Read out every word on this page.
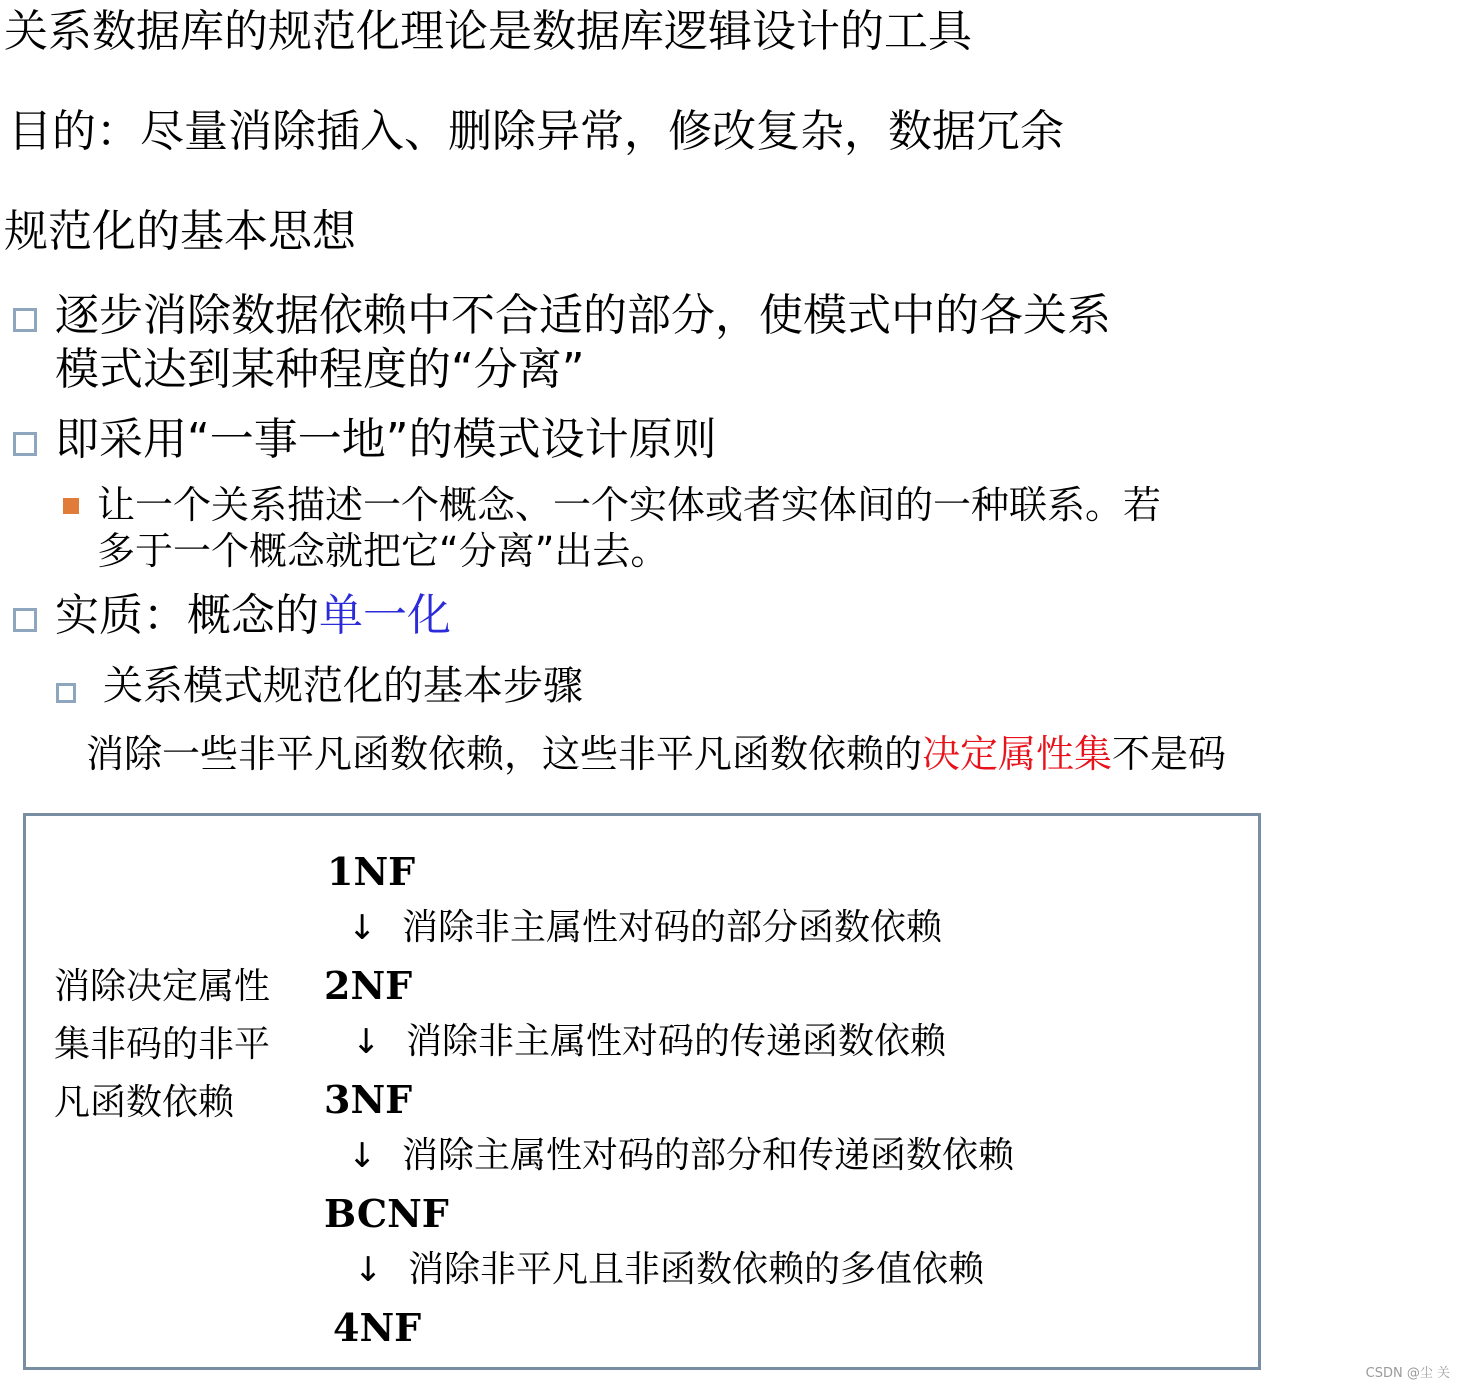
关系数据库的规范化理论是数据库逻辑设计的工具
目的：尽量消除插入、删除异常，修改复杂，数据冗余
规范化的基本思想
逐步消除数据依赖中不合适的部分，使模式中的各关系
模式达到某种程度的“分离”
即采用“一事一地”的模式设计原则
让一个关系描述一个概念、一个实体或者实体间的一种联系。若
多于一个概念就把它“分离”出去。
实质：概念的单一化
关系模式规范化的基本步骤
消除一些非平凡函数依赖，这些非平凡函数依赖的决定属性集不是码
消除决定属性
集非码的非平
凡函数依赖
1NF
2NF
3NF
BCNF
4NF
↓
↓
↓
↓
消除非主属性对码的部分函数依赖
消除非主属性对码的传递函数依赖
消除主属性对码的部分和传递函数依赖
消除非平凡且非函数依赖的多值依赖
CSDN @尘 关
